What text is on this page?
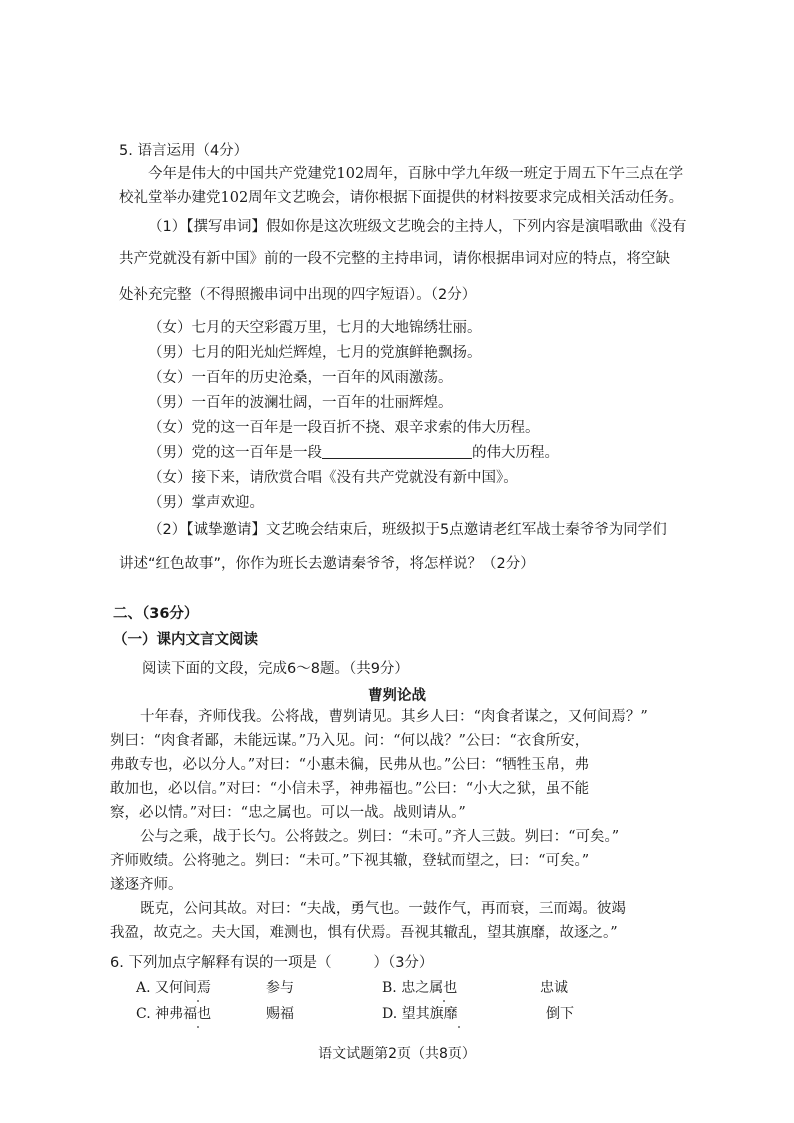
5. 语言运用（4分）
今年是伟大的中国共产党建党102周年，百脉中学九年级一班定于周五下午三点在学
校礼堂举办建党102周年文艺晚会，请你根据下面提供的材料按要求完成相关活动任务。
（1）【撰写串词】假如你是这次班级文艺晚会的主持人，下列内容是演唱歌曲《没有
共产党就没有新中国》前的一段不完整的主持串词，请你根据串词对应的特点，将空缺
处补充完整（不得照搬串词中出现的四字短语）。（2分）
（女）七月的天空彩霞万里，七月的大地锦绣壮丽。
（男）七月的阳光灿烂辉煌，七月的党旗鲜艳飘扬。
（女）一百年的历史沧桑，一百年的风雨激荡。
（男）一百年的波澜壮阔，一百年的壮丽辉煌。
（女）党的这一百年是一段百折不挠、艰辛求索的伟大历程。
（男）党的这一百年是一段	的伟大历程。
（女）接下来，请欣赏合唱《没有共产党就没有新中国》。
（男）掌声欢迎。
（2）【诚挚邀请】文艺晚会结束后，班级拟于5点邀请老红军战士秦爷爷为同学们
讲述“红色故事”，你作为班长去邀请秦爷爷，将怎样说？（2分）
二、（36分）
（一）课内文言文阅读
阅读下面的文段，完成6～8题。（共9分）
曹刿论战
十年春，齐师伐我。公将战，曹刿请见。其乡人曰：“肉食者谋之，又何间焉？”
刿曰：“肉食者鄙，未能远谋。”乃入见。问：“何以战？”公曰：“衣食所安，
弗敢专也，必以分人。”对曰：“小惠未徧，民弗从也。”公曰：“牺牲玉帛，弗
敢加也，必以信。”对曰：“小信未孚，神弗福也。”公曰：“小大之狱，虽不能
察，必以情。”对曰：“忠之属也。可以一战。战则请从。”
公与之乘，战于长勺。公将鼓之。刿曰：“未可。”齐人三鼓。刿曰：“可矣。”
齐师败绩。公将驰之。刿曰：“未可。”下视其辙，登轼而望之，曰：“可矣。”
遂逐齐师。
既克，公问其故。对曰：“夫战，勇气也。一鼓作气，再而衰，三而竭。彼竭
我盈，故克之。夫大国，难测也，惧有伏焉。吾视其辙乱，望其旗靡，故逐之。”
6. 下列加点字解释有误的一项是（	）（3分）
A. 又何间焉	参与	B. 忠之属也	忠诚
C. 神弗福也	赐福	D. 望其旗靡	倒下
语文试题第2页（共8页）
